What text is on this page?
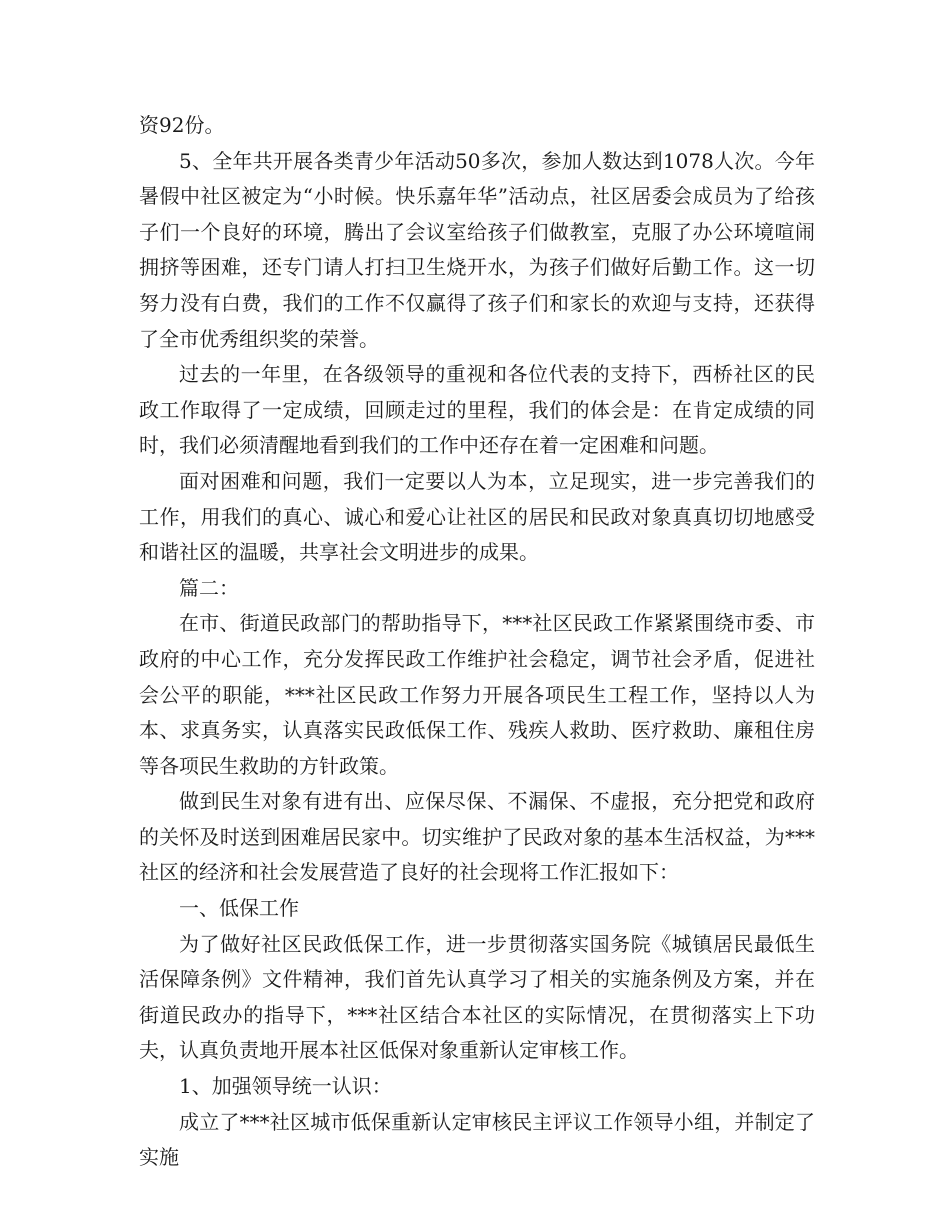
资92份。

5、全年共开展各类青少年活动50多次，参加人数达到1078人次。今年暑假中社区被定为“小时候。快乐嘉年华”活动点，社区居委会成员为了给孩子们一个良好的环境，腾出了会议室给孩子们做教室，克服了办公环境喧闹拥挤等困难，还专门请人打扫卫生烧开水，为孩子们做好后勤工作。这一切努力没有白费，我们的工作不仅赢得了孩子们和家长的欢迎与支持，还获得了全市优秀组织奖的荣誉。

过去的一年里，在各级领导的重视和各位代表的支持下，西桥社区的民政工作取得了一定成绩，回顾走过的里程，我们的体会是：在肯定成绩的同时，我们必须清醒地看到我们的工作中还存在着一定困难和问题。

面对困难和问题，我们一定要以人为本，立足现实，进一步完善我们的工作，用我们的真心、诚心和爱心让社区的居民和民政对象真真切切地感受和谐社区的温暖，共享社会文明进步的成果。

篇二：

在市、街道民政部门的帮助指导下，***社区民政工作紧紧围绕市委、市政府的中心工作，充分发挥民政工作维护社会稳定，调节社会矛盾，促进社会公平的职能，***社区民政工作努力开展各项民生工程工作，坚持以人为本、求真务实，认真落实民政低保工作、残疾人救助、医疗救助、廉租住房等各项民生救助的方针政策。

做到民生对象有进有出、应保尽保、不漏保、不虚报，充分把党和政府的关怀及时送到困难居民家中。切实维护了民政对象的基本生活权益，为***社区的经济和社会发展营造了良好的社会现将工作汇报如下：

一、低保工作

为了做好社区民政低保工作，进一步贯彻落实国务院《城镇居民最低生活保障条例》文件精神，我们首先认真学习了相关的实施条例及方案，并在街道民政办的指导下，***社区结合本社区的实际情况，在贯彻落实上下功夫，认真负责地开展本社区低保对象重新认定审核工作。

1、加强领导统一认识：

成立了***社区城市低保重新认定审核民主评议工作领导小组，并制定了实施
